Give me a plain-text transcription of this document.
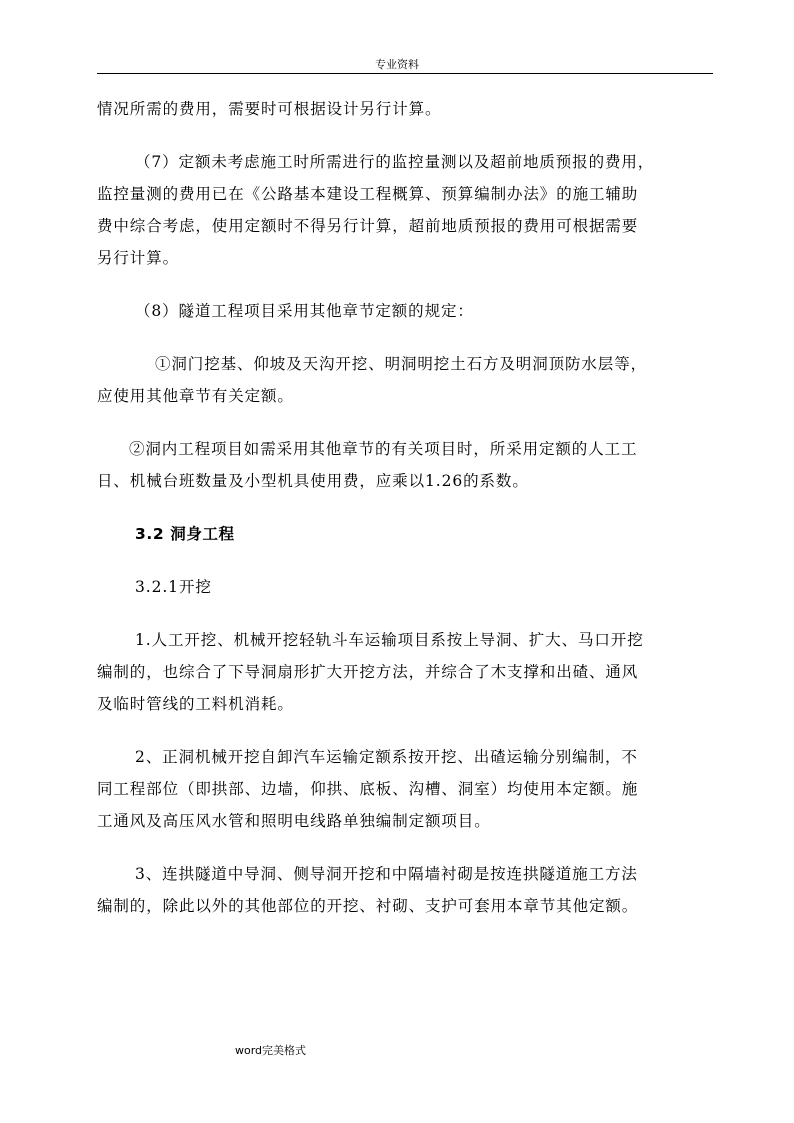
专业资料

情况所需的费用，需要时可根据设计另行计算。

（7）定额未考虑施工时所需进行的监控量测以及超前地质预报的费用，
监控量测的费用已在《公路基本建设工程概算、预算编制办法》的施工辅助
费中综合考虑，使用定额时不得另行计算，超前地质预报的费用可根据需要
另行计算。

（8）隧道工程项目采用其他章节定额的规定：

①洞门挖基、仰坡及天沟开挖、明洞明挖土石方及明洞顶防水层等，
应使用其他章节有关定额。

②洞内工程项目如需采用其他章节的有关项目时，所采用定额的人工工
日、机械台班数量及小型机具使用费，应乘以1.26的系数。

3.2 洞身工程

3.2.1开挖

1.人工开挖、机械开挖轻轨斗车运输项目系按上导洞、扩大、马口开挖
编制的，也综合了下导洞扇形扩大开挖方法，并综合了木支撑和出碴、通风
及临时管线的工料机消耗。

2、正洞机械开挖自卸汽车运输定额系按开挖、出碴运输分别编制，不
同工程部位（即拱部、边墙，仰拱、底板、沟槽、洞室）均使用本定额。施
工通风及高压风水管和照明电线路单独编制定额项目。

3、连拱隧道中导洞、侧导洞开挖和中隔墙衬砌是按连拱隧道施工方法
编制的，除此以外的其他部位的开挖、衬砌、支护可套用本章节其他定额。

word完美格式
